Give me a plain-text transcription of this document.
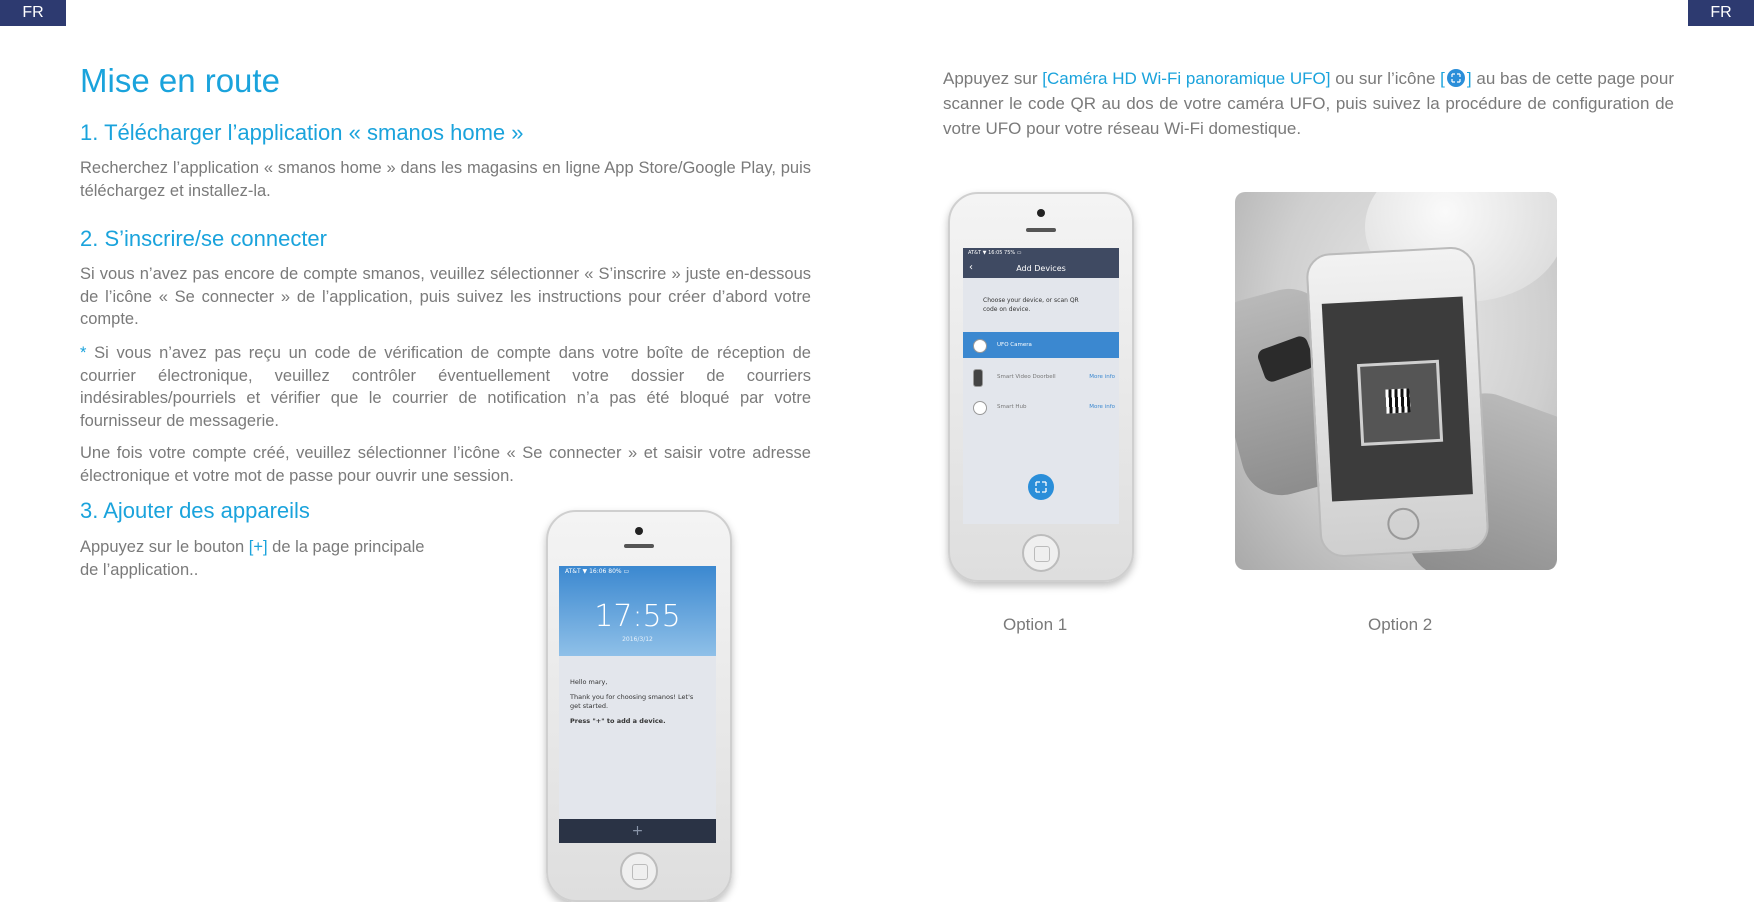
FR	FR
Mise en route
1. Télécharger l’application « smanos home »

Recherchez l’application « smanos home » dans les magasins en ligne App Store/Google Play, puis téléchargez et installez-la.

2. S’inscrire/se connecter

Si vous n’avez pas encore de compte smanos, veuillez sélectionner « S’inscrire » juste en-dessous de l’icône « Se connecter » de l’application, puis suivez les instructions pour créer d’abord votre compte.

* Si vous n’avez pas reçu un code de vérification de compte dans votre boîte de réception de courrier électronique, veuillez contrôler éventuellement votre dossier de courriers indésirables/pourriels et vérifier que le courrier de notification n’a pas été bloqué par votre fournisseur de messagerie.

Une fois votre compte créé, veuillez sélectionner l’icône « Se connecter » et saisir votre adresse électronique et votre mot de passe pour ouvrir une session.

3. Ajouter des appareils

Appuyez sur le bouton [+] de la page principale
de l’application..	AT&T ▼ 16:06 80% ▭
17:55
2016/3/12

Hello mary,

Thank you for choosing smanos! Let's get started.

Press "+" to add a device.

+

Appuyez sur [Caméra HD Wi-Fi panoramique UFO] ou sur l’icône [ ] au bas de cette page pour scanner le code QR au dos de votre caméra UFO, puis suivez la procédure de configuration de votre UFO pour votre réseau Wi-Fi domestique.

AT&T ▼ 16:05 75% ▭
‹	Add Devices
Choose your device, or scan QR code on device.
UFO Camera
Smart Video Doorbell	More info
Smart Hub	More info
Option 1	Option 2
